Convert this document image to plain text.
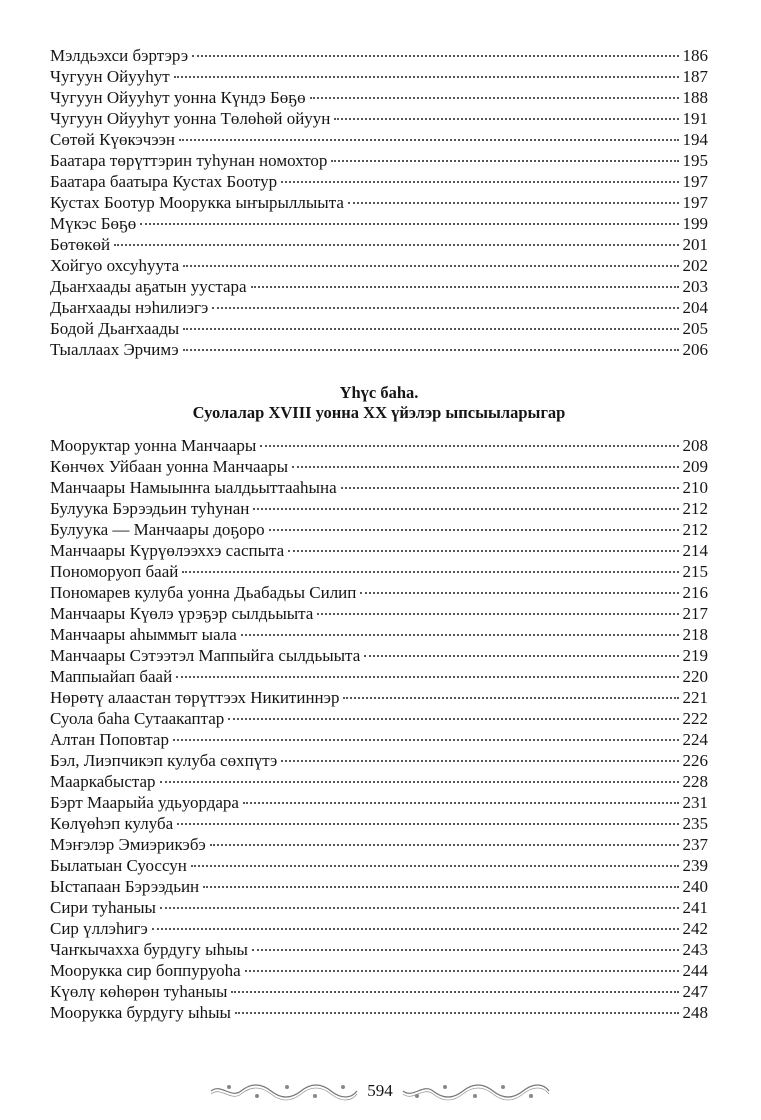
Мэлдьэхси бэртэрэ	186
Чугуун Ойууһут	187
Чугуун Ойууһут уонна Күндэ Бөҕө	188
Чугуун Ойууһут уонна Төлөһөй ойуун	191
Сөтөй Күөкэчээн	194
Баатара төрүттэрин туһунан номохтор	195
Баатара баатыра Кустах Боотур	197
Кустах Боотур Моорукка ыҥырыллыыта	197
Мүкэс Бөҕө	199
Бөтөкөй	201
Хойгуо охсуһуута	202
Дьаҥхаады аҕатын уустара	203
Дьаҥхаады нэһилиэгэ	204
Бодой Дьаҥхаады	205
Тыаллаах Эрчимэ	206
Үһүс баһа.
Суолалар XVIII уонна XX үйэлэр ыпсыыларыгар
Мооруктар уонна Манчаары	208
Көнчөх Уйбаан уонна Манчаары	209
Манчаары Намыынҥа ыалдьыттааһына	210
Булуука Бэрээдьин туһунан	212
Булуука — Манчаары доҕоро	212
Манчаары Күрүөлээххэ саспыта	214
Пономоруоп баай	215
Пономарев кулуба уонна Дьабадьы Силип	216
Манчаары Күөлэ үрэҕэр сылдьыыта	217
Манчаары аһыммыт ыала	218
Манчаары Сэтээтэл Маппыйга сылдьыыта	219
Маппыайап баай	220
Нөрөтү алаастан төрүттээх Никитиннэр	221
Суола баһа Сутаакаптар	222
Алтан Поповтар	224
Бэл, Лиэпчикэп кулуба сөхпүтэ	226
Мааркабыстар	228
Бэрт Маарыйа удьуордара	231
Көлүөһэп кулуба	235
Мэҥэлэр Эмиэрикэбэ	237
Былатыан Суоссун	239
Ыстапаан Бэрээдьин	240
Сири туһаныы	241
Сир үллэһигэ	242
Чаҥкычахха бурдугу ыһыы	243
Моорукка сир боппуруоһа	244
Күөлү көһөрөн туһаныы	247
Моорукка бурдугу ыһыы	248
594
